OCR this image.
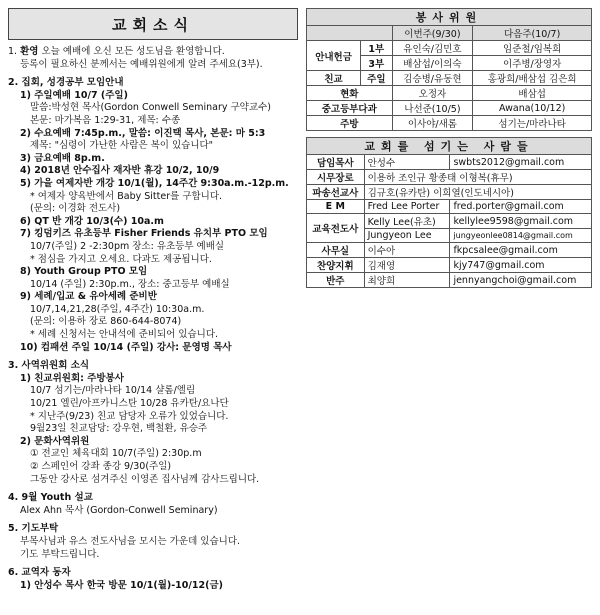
교회소식
1. 환영 오늘 예배에 오신 모든 성도님을 환영합니다.
등록이 필요하신 분께서는 예배위원에게 알려 주세요(3부).
2. 집회, 성경공부 모임안내
1) 주일예배 10/7 (주일)
말씀:박성현 목사(Gordon Conwell Seminary 구약교수)
본문: 마가복음 1:29-31, 제목: 수종
2) 수요예배 7:45p.m., 말씀: 이진택 목사, 본문: 마 5:3
제목: "심령이 가난한 사람은 복이 있습니다"
3) 금요예배 8p.m.
4) 2018년 안수집사 재자반 휴강 10/2, 10/9
5) 가을 여제자반 개강 10/1(월), 14주간 9:30a.m.-12p.m.
* 여제자 양육반에서 Baby Sitter를 구합니다.
(문의: 이경화 전도사)
6) QT 반 개강 10/3(수) 10a.m
7) 킹덤키즈 유초등부 Fisher Friends 유치부 PTO 모임
10/7(주일) 2 -2:30pm 장소: 유초등부 예배실
* 점심을 가지고 오세요. 다과도 제공됩니다.
8) Youth Group PTO 모임
10/14 (주일) 2:30p.m., 장소: 중고등부 예배실
9) 세례/입교 & 유아세례 준비반
10/7,14,21,28(주일, 4주간) 10:30a.m.
(문의: 이용하 장로 860-644-8074)
* 세례 신청서는 안내석에 준비되어 있습니다.
10) 컴패션 주일 10/14 (주일) 강사: 문영명 목사
3. 사역위원회 소식
1) 친교위원회: 주방봉사
10/7 섬기는/마라나타 10/14 샬롬/엘림
10/21 엘린/아프카니스탄 10/28 유카탄/요나단
* 지난주(9/23) 친교 담당자 오류가 있었습니다.
9월23일 친교담당: 강우현, 백철환, 유승주
2) 문화사역위원
① 전교인 체육대회 10/7(주일) 2:30p.m
② 스페인어 강좌 종강 9/30(주일)
그동안 강사로 섬겨주신 이영존 집사님께 감사드립니다.
4. 9월 Youth 설교
Alex Ahn 목사 (Gordon-Conwell Seminary)
5. 기도부탁
부목사님과 유스 전도사님을 모시는 가운데 있습니다.
기도 부탁드립니다.
6. 교역자 동자
1) 안성수 목사 한국 방문 10/1(월)-10/12(금)
봉사위원			
		이번주(9/30)	다음주(10/7)
안내헌금	1부	유인숙/김민호	임준철/임복희
	3부	배삼섭/이의숙	이주병/장영자
친교	주일	김승병/유동현	홍광희/배삼섭 김은희
현화		오정자	배삼섭
중고등부다과		나선준(10/5)	Awana(10/12)
주방		이사야/새롬	섬기는/마라나타
교회를 섬기는 사람들		
담임목사	안성수	swbts2012@gmail.com
시무장로	이용하 조인규 황종태 이형복(휴무)	
파송선교사	김규호(유카탄) 이희열(인도네시아)	
E M	Fred Lee Porter	fred.porter@gmail.com
교육전도사	Kelly Lee(유초)	kellylee9598@gmail.com
	Jungyeon Lee	jungyeonlee0814@gmail.com
사무실	이수아	fkpcsalee@gmail.com
찬양지휘	김재영	kjy747@gmail.com
반주	최양희	jennyangchoi@gmail.com
